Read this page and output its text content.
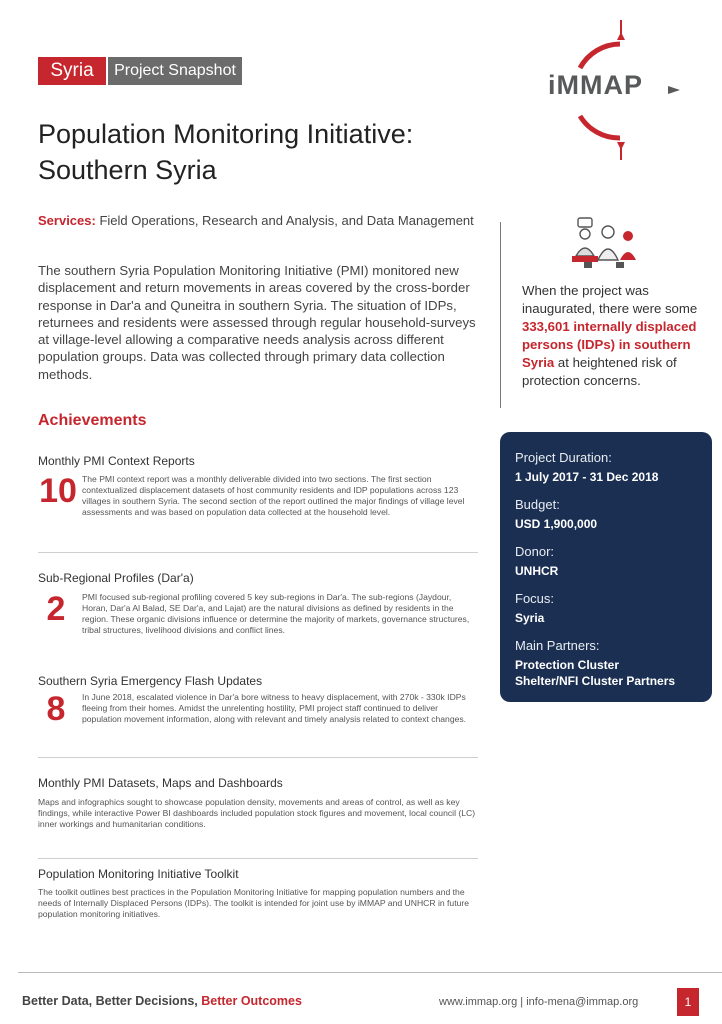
Syria	Project Snapshot	iMMAP
Population Monitoring Initiative:
Southern Syria
Services: Field Operations, Research and Analysis, and Data Management
The southern Syria Population Monitoring Initiative (PMI) monitored new displacement and return movements in areas covered by the cross-border response in Dar'a and Quneitra in southern Syria. The situation of IDPs, returnees and residents were assessed through regular household-surveys at village-level allowing a comparative needs analysis across different population groups. Data was collected through primary data collection methods.
When the project was inaugurated, there were some 333,601 internally displaced persons (IDPs) in southern Syria at heightened risk of protection concerns.
Achievements
Monthly PMI Context Reports
10 The PMI context report was a monthly deliverable divided into two sections. The first section contextualized displacement datasets of host community residents and IDP populations across 123 villages in southern Syria. The second section of the report outlined the major findings of village level assessments and was based on population data collected at the household level.
Sub-Regional Profiles (Dar'a)
2	PMI focused sub-regional profiling covered 5 key sub-regions in Dar'a. The sub-regions (Jaydour, Horan, Dar'a Al Balad, SE Dar'a, and Lajat) are the natural divisions as defined by residents in the region. These organic divisions influence or determine the majority of markets, governance structures, tribal structures, livelihood divisions and conflict lines.
Southern Syria Emergency Flash Updates
8	In June 2018, escalated violence in Dar'a bore witness to heavy displacement, with 270k - 330k IDPs fleeing from their homes. Amidst the unrelenting hostility, PMI project staff continued to deliver population movement information, along with relevant and timely analysis related to context changes.
Monthly PMI Datasets, Maps and Dashboards
Maps and infographics sought to showcase population density, movements and areas of control, as well as key findings, while interactive Power BI dashboards included population stock figures and movement, local council (LC) inner workings and humanitarian conditions.
Population Monitoring Initiative Toolkit
The toolkit outlines best practices in the Population Monitoring Initiative for mapping population numbers and the needs of Internally Displaced Persons (IDPs). The toolkit is intended for joint use by iMMAP and UNHCR in future population monitoring initiatives.
Project Duration:
1 July 2017 - 31 Dec 2018
Budget:
USD 1,900,000
Donor:
UNHCR
Focus:
Syria
Main Partners:
Protection Cluster
Shelter/NFI Cluster Partners
Better Data, Better Decisions, Better Outcomes	www.immap.org | info-mena@immap.org	1
